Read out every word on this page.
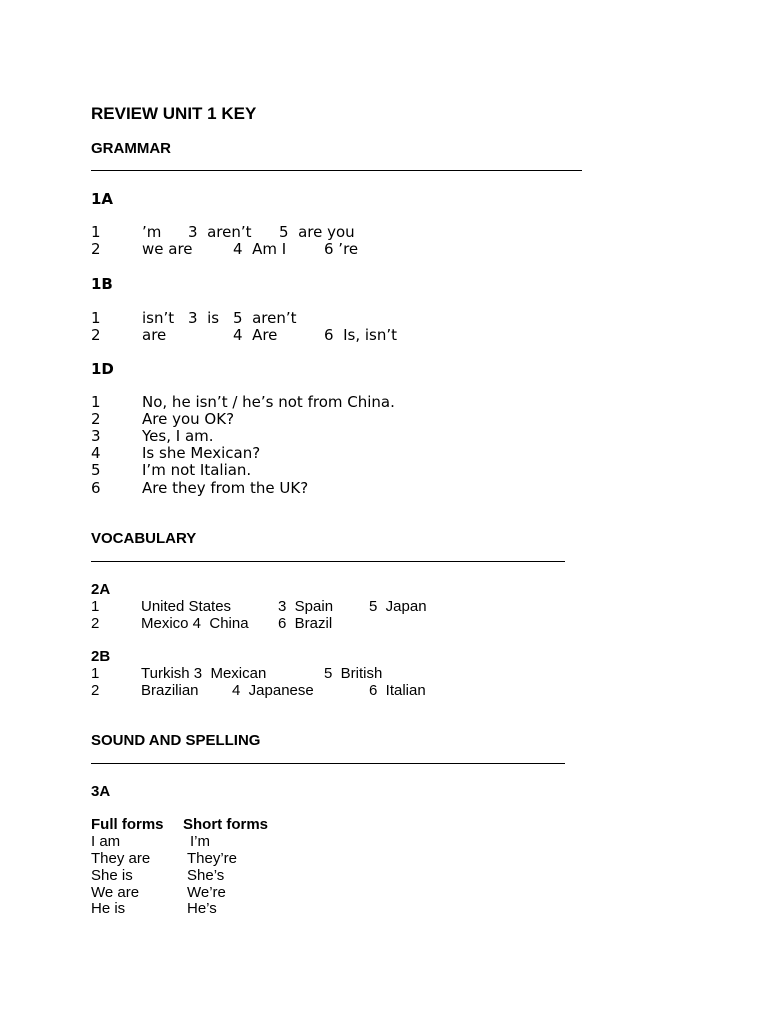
REVIEW UNIT 1 KEY
GRAMMAR
1A
1	’m 3  aren’t 5  are you
2	we are	4  Am I	6 ’re
1B
1	isn’t 3  is 5  aren’t
2	are	4  Are	6  Is, isn’t
1D
1	No, he isn’t / he’s not from China.
2	Are you OK?
3	Yes, I am.
4	Is she Mexican?
5	I’m not Italian.
6	Are they from the UK?
VOCABULARY
2A
1	United States	3  Spain 5  Japan
2	Mexico 4  China 6  Brazil
2B
1	Turkish 3  Mexican	5  British
2	Brazilian 4  Japanese	6  Italian
SOUND AND SPELLING
3A
Full forms Short forms
I am	I’m
They are They’re
She is	She’s
We are	We’re
He is	He’s
